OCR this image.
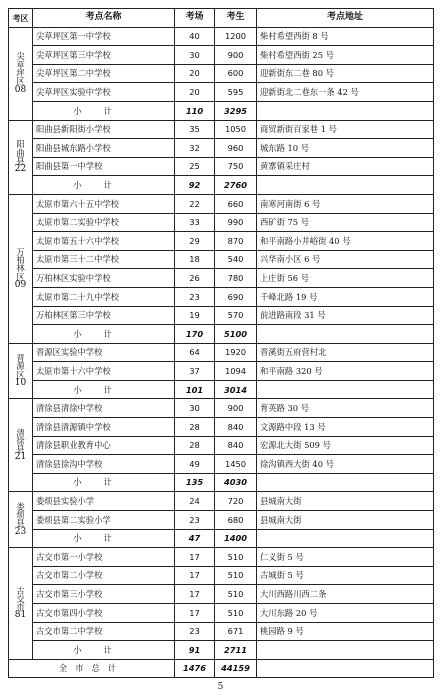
考区	考点名称	考场	考生	考点地址

尖草坪区
08	尖草坪区第一中学校	40	1200	柴村希望西街 8 号
	尖草坪区第三中学校	30	900	柴村希望西街 25 号
	尖草坪区第二中学校	20	600	迎新街东二巷 80 号
	尖草坪区实验中学校	20	595	迎新街北二巷东一条 42 号
	小计	110	3295	

阳曲县
22	阳曲县新阳街小学校	35	1050	商贸新街百家巷 1 号
	阳曲县城东路小学校	32	960	城东路 10 号
	阳曲县第一中学校	25	750	黄寨镇采庄村
	小计	92	2760	

万柏林区
09	太原市第六十五中学校	22	660	南寒河南街 6 号
	太原市第二实验中学校	33	990	西矿街 75 号
	太原市第五十六中学校	29	870	和平南路小井峪街 40 号
	太原市第三十二中学校	18	540	兴华南小区 6 号
	万柏林区实验中学校	26	780	上庄街 56 号
	太原市第二十九中学校	23	690	千峰北路 19 号
	万柏林区第三中学校	19	570	前进路南段 31 号
	小计	170	5100	

晋源区
10	晋源区实验中学校	64	1920	晋溪街五府营村北
	太原市第十六中学校	37	1094	和平南路 320 号
	小计	101	3014	

清徐县
21	清徐县清徐中学校	30	900	育英路 30 号
	清徐县清源镇中学校	28	840	文源路中段 13 号
	清徐县职业教育中心	28	840	宏源北大街 509 号
	清徐县徐沟中学校	49	1450	徐沟镇西大街 40 号
	小计	135	4030	

娄烦县
23	娄烦县实验小学	24	720	县城南大街
	娄烦县第二实验小学	23	680	县城南大街
	小计	47	1400	

古交市
81	古交市第一小学校	17	510	仁义街 5 号
	古交市第二小学校	17	510	古城街 5 号
	古交市第三小学校	17	510	大川西路川西二条
	古交市第四小学校	17	510	大川东路 20 号
	古交市第二中学校	23	671	桃园路 9 号
	小计	91	2711	
全市总计		1476	44159	
5
